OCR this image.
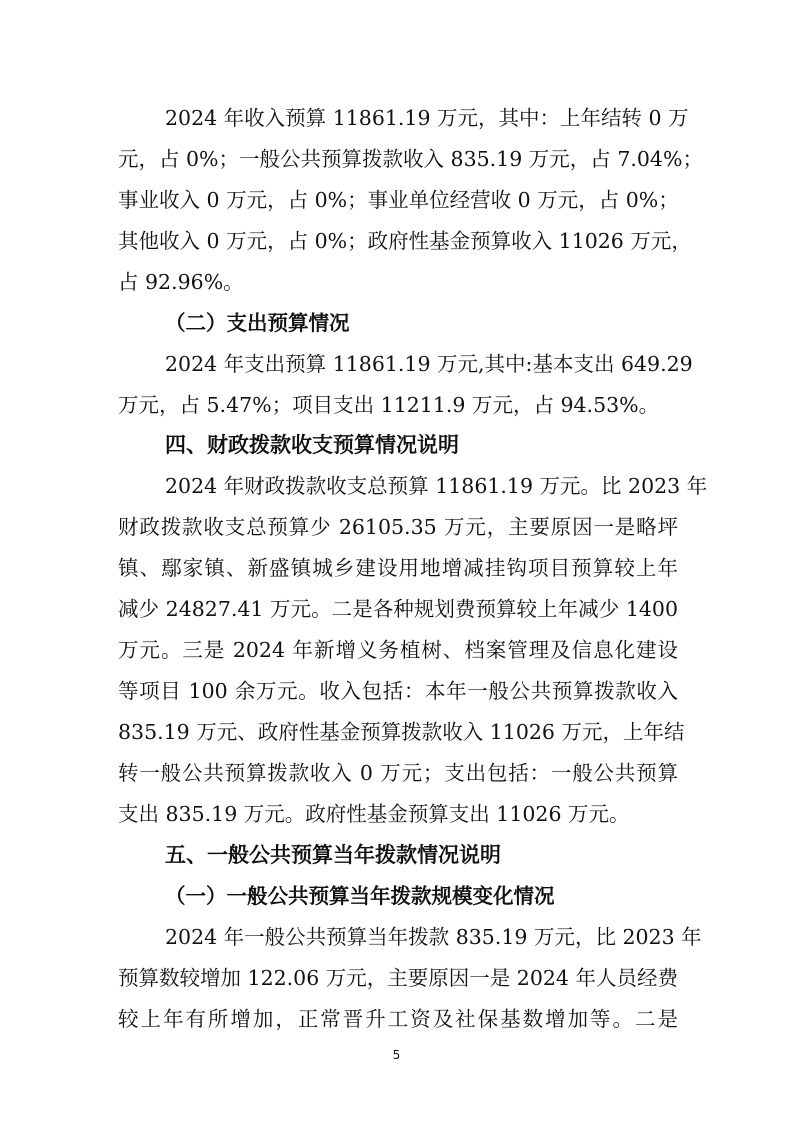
2024 年收入预算 11861.19 万元，其中：上年结转 0 万
元，占 0%；一般公共预算拨款收入 835.19 万元，占 7.04%；
事业收入 0 万元，占 0%；事业单位经营收 0 万元，占 0%；
其他收入 0 万元，占 0%；政府性基金预算收入 11026 万元，
占 92.96%。
（二）支出预算情况
2024 年支出预算 11861.19 万元,其中:基本支出 649.29
万元，占 5.47%；项目支出 11211.9 万元，占 94.53%。
四、财政拨款收支预算情况说明
2024 年财政拨款收支总预算 11861.19 万元。比 2023 年
财政拨款收支总预算少 26105.35 万元，主要原因一是略坪
镇、鄢家镇、新盛镇城乡建设用地增减挂钩项目预算较上年
减少 24827.41 万元。二是各种规划费预算较上年减少 1400
万元。三是 2024 年新增义务植树、档案管理及信息化建设
等项目 100 余万元。收入包括：本年一般公共预算拨款收入
835.19 万元、政府性基金预算拨款收入 11026 万元，上年结
转一般公共预算拨款收入 0 万元；支出包括：一般公共预算
支出 835.19 万元。政府性基金预算支出 11026 万元。
五、一般公共预算当年拨款情况说明
（一）一般公共预算当年拨款规模变化情况
2024 年一般公共预算当年拨款 835.19 万元，比 2023 年
预算数较增加 122.06 万元，主要原因一是 2024 年人员经费
较上年有所增加，正常晋升工资及社保基数增加等。二是
5
